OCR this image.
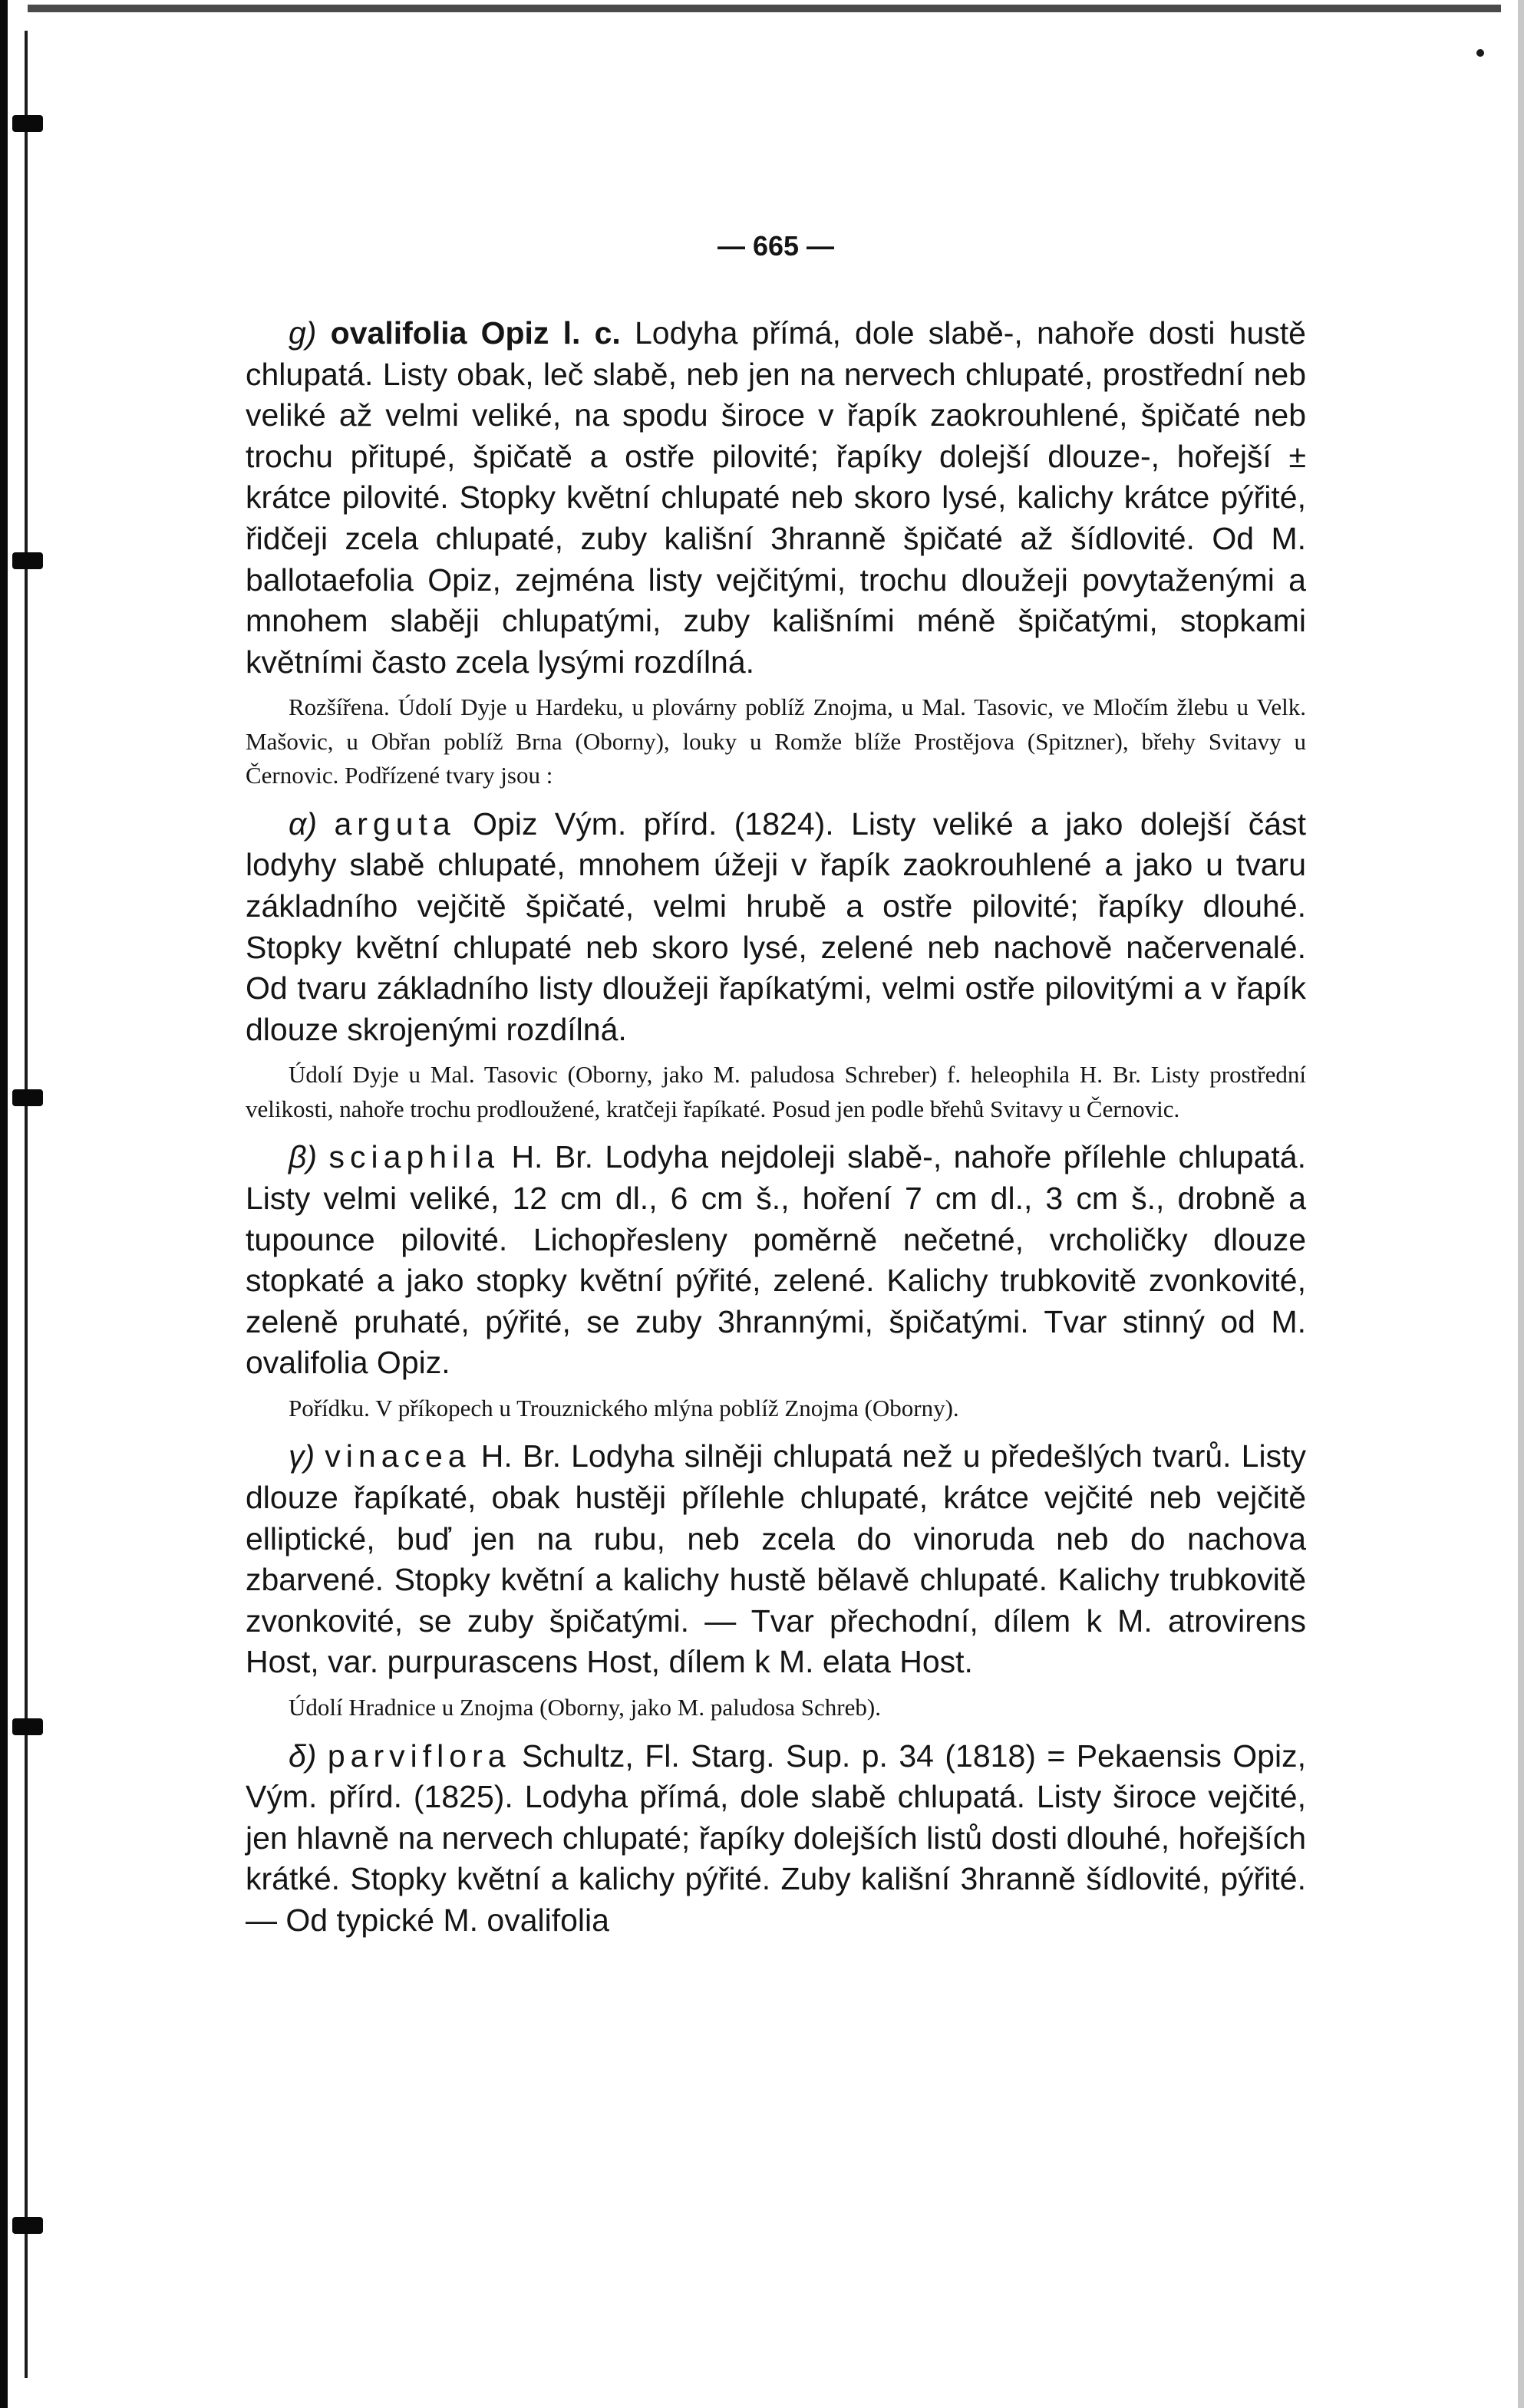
— 665 —

g) ovalifolia Opiz l. c. Lodyha přímá, dole slabě-, nahoře dosti hustě chlupatá. Listy obak, leč slabě, neb jen na nervech chlupaté, prostřední neb veliké až velmi veliké, na spodu široce v řapík zaokrouhlené, špičaté neb trochu přitupé, špičatě a ostře pilovité; řapíky dolejší dlouze-, hořejší ± krátce pilovité. Stopky květní chlupaté neb skoro lysé, kalichy krátce pýřité, řidčeji zcela chlupaté, zuby kališní 3hranně špičaté až šídlovité. Od M. ballotaefolia Opiz, zejména listy vejčitými, trochu dloužeji povytaženými a mnohem slaběji chlupatými, zuby kališními méně špičatými, stopkami květními často zcela lysými rozdílná.

Rozšířena. Údolí Dyje u Hardeku, u plovárny poblíž Znojma, u Mal. Tasovic, ve Mločím žlebu u Velk. Mašovic, u Obřan poblíž Brna (Oborny), louky u Romže blíže Prostějova (Spitzner), břehy Svitavy u Černovic. Podřízené tvary jsou :

α) arguta Opiz Vým. přírd. (1824). Listy veliké a jako dolejší část lodyhy slabě chlupaté, mnohem úžeji v řapík zaokrouhlené a jako u tvaru základního vejčitě špičaté, velmi hrubě a ostře pilovité; řapíky dlouhé. Stopky květní chlupaté neb skoro lysé, zelené neb nachově načervenalé. Od tvaru základního listy dloužeji řapíkatými, velmi ostře pilovitými a v řapík dlouze skrojenými rozdílná.

Údolí Dyje u Mal. Tasovic (Oborny, jako M. paludosa Schreber) f. heleophila H. Br. Listy prostřední velikosti, nahoře trochu prodloužené, kratčeji řapíkaté. Posud jen podle břehů Svitavy u Černovic.

β) sciaphila H. Br. Lodyha nejdoleji slabě-, nahoře přílehle chlupatá. Listy velmi veliké, 12 cm dl., 6 cm š., hoření 7 cm dl., 3 cm š., drobně a tupounce pilovité. Lichopřesleny poměrně nečetné, vrcholičky dlouze stopkaté a jako stopky květní pýřité, zelené. Kalichy trubkovitě zvonkovité, zeleně pruhaté, pýřité, se zuby 3hrannými, špičatými. Tvar stinný od M. ovalifolia Opiz.

Pořídku. V příkopech u Trouznického mlýna poblíž Znojma (Oborny).

γ) vinacea H. Br. Lodyha silněji chlupatá než u předešlých tvarů. Listy dlouze řapíkaté, obak hustěji přílehle chlupaté, krátce vejčité neb vejčitě elliptické, buď jen na rubu, neb zcela do vinoruda neb do nachova zbarvené. Stopky květní a kalichy hustě bělavě chlupaté. Kalichy trubkovitě zvonkovité, se zuby špičatými. — Tvar přechodní, dílem k M. atrovirens Host, var. purpurascens Host, dílem k M. elata Host.

Údolí Hradnice u Znojma (Oborny, jako M. paludosa Schreb).

δ) parviflora Schultz, Fl. Starg. Sup. p. 34 (1818) = Pekaensis Opiz, Vým. přírd. (1825). Lodyha přímá, dole slabě chlupatá. Listy široce vejčité, jen hlavně na nervech chlupaté; řapíky dolejších listů dosti dlouhé, hořejších krátké. Stopky květní a kalichy pýřité. Zuby kališní 3hranně šídlovité, pýřité. — Od typické M. ovalifolia
